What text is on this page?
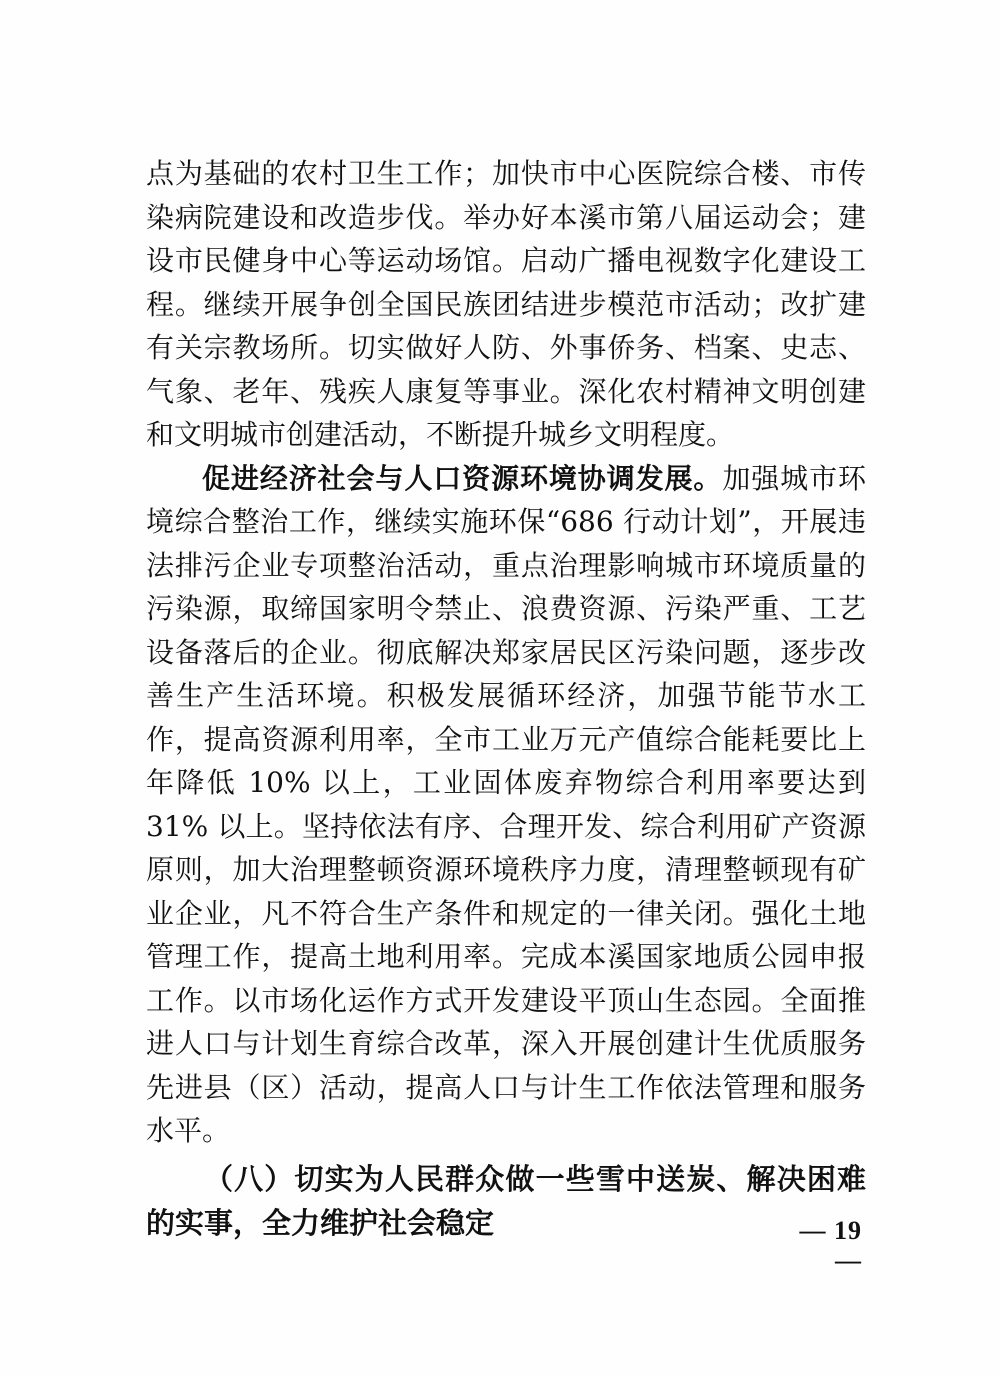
点为基础的农村卫生工作；加快市中心医院综合楼、市传染病院建设和改造步伐。举办好本溪市第八届运动会；建设市民健身中心等运动场馆。启动广播电视数字化建设工程。继续开展争创全国民族团结进步模范市活动；改扩建有关宗教场所。切实做好人防、外事侨务、档案、史志、气象、老年、残疾人康复等事业。深化农村精神文明创建和文明城市创建活动，不断提升城乡文明程度。

促进经济社会与人口资源环境协调发展。加强城市环境综合整治工作，继续实施环保“686 行动计划”，开展违法排污企业专项整治活动，重点治理影响城市环境质量的污染源，取缔国家明令禁止、浪费资源、污染严重、工艺设备落后的企业。彻底解决郑家居民区污染问题，逐步改善生产生活环境。积极发展循环经济，加强节能节水工作，提高资源利用率，全市工业万元产值综合能耗要比上年降低 10% 以上，工业固体废弃物综合利用率要达到 31% 以上。坚持依法有序、合理开发、综合利用矿产资源原则，加大治理整顿资源环境秩序力度，清理整顿现有矿业企业，凡不符合生产条件和规定的一律关闭。强化土地管理工作，提高土地利用率。完成本溪国家地质公园申报工作。以市场化运作方式开发建设平顶山生态园。全面推进人口与计划生育综合改革，深入开展创建计生优质服务先进县（区）活动，提高人口与计生工作依法管理和服务水平。

（八）切实为人民群众做一些雪中送炭、解决困难的实事，全力维护社会稳定	— 19 —
